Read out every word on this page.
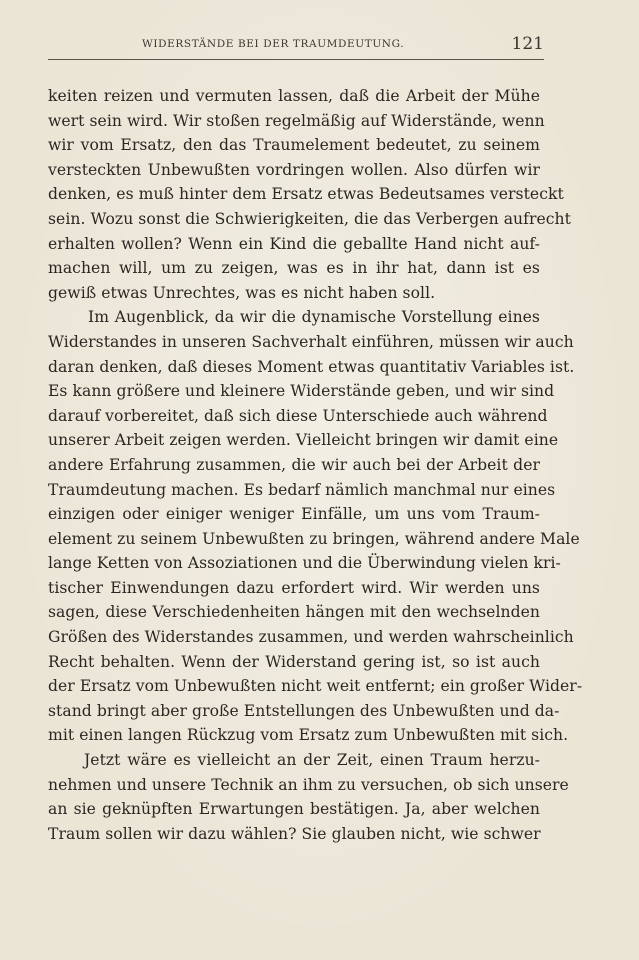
WIDERSTÄNDE BEI DER TRAUMDEUTUNG.	121
keiten reizen und vermuten lassen, daß die Arbeit der Mühe
wert sein wird. Wir stoßen regelmäßig auf Widerstände, wenn
wir vom Ersatz, den das Traumelement bedeutet, zu seinem
versteckten Unbewußten vordringen wollen. Also dürfen wir
denken, es muß hinter dem Ersatz etwas Bedeutsames versteckt
sein. Wozu sonst die Schwierigkeiten, die das Verbergen aufrecht
erhalten wollen? Wenn ein Kind die geballte Hand nicht auf-
machen will, um zu zeigen, was es in ihr hat, dann ist es
gewiß etwas Unrechtes, was es nicht haben soll.
Im Augenblick, da wir die dynamische Vorstellung eines
Widerstandes in unseren Sachverhalt einführen, müssen wir auch
daran denken, daß dieses Moment etwas quantitativ Variables ist.
Es kann größere und kleinere Widerstände geben, und wir sind
darauf vorbereitet, daß sich diese Unterschiede auch während
unserer Arbeit zeigen werden. Vielleicht bringen wir damit eine
andere Erfahrung zusammen, die wir auch bei der Arbeit der
Traumdeutung machen. Es bedarf nämlich manchmal nur eines
einzigen oder einiger weniger Einfälle, um uns vom Traum-
element zu seinem Unbewußten zu bringen, während andere Male
lange Ketten von Assoziationen und die Überwindung vielen kri-
tischer Einwendungen dazu erfordert wird. Wir werden uns
sagen, diese Verschiedenheiten hängen mit den wechselnden
Größen des Widerstandes zusammen, und werden wahrscheinlich
Recht behalten. Wenn der Widerstand gering ist, so ist auch
der Ersatz vom Unbewußten nicht weit entfernt; ein großer Wider-
stand bringt aber große Entstellungen des Unbewußten und da-
mit einen langen Rückzug vom Ersatz zum Unbewußten mit sich.
Jetzt wäre es vielleicht an der Zeit, einen Traum herzu-
nehmen und unsere Technik an ihm zu versuchen, ob sich unsere
an sie geknüpften Erwartungen bestätigen. Ja, aber welchen
Traum sollen wir dazu wählen? Sie glauben nicht, wie schwer
